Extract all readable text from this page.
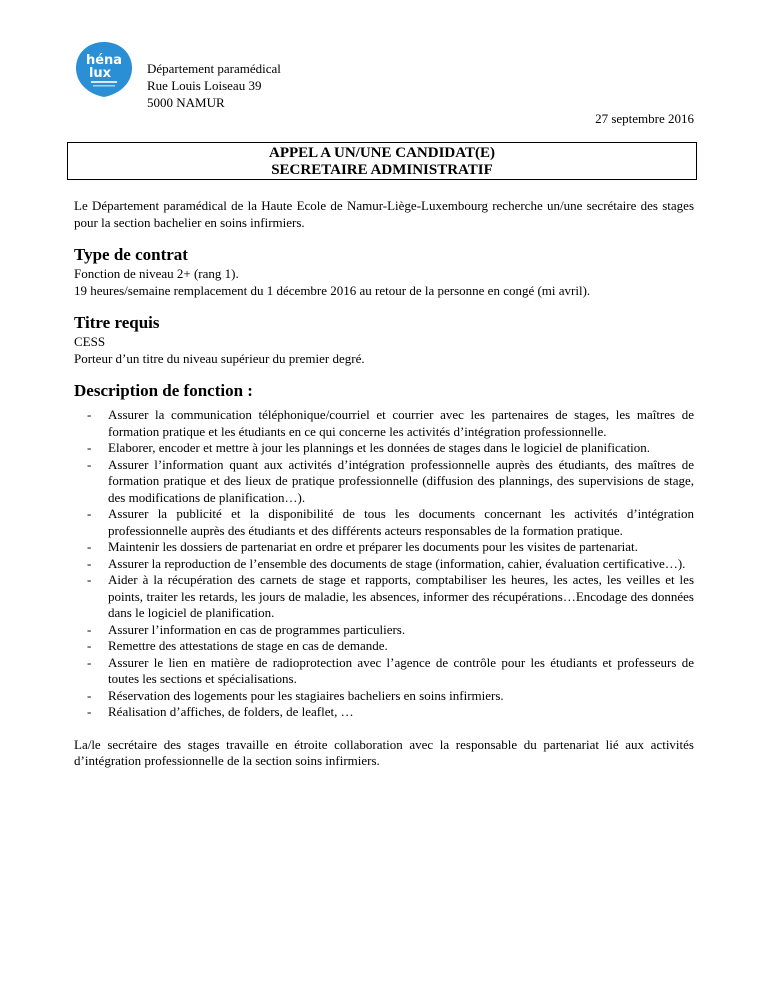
héna
lux	Département paramédical
Rue Louis Loiseau 39
5000 NAMUR
27 septembre 2016
APPEL A UN/UNE CANDIDAT(E)
SECRETAIRE ADMINISTRATIF

Le Département paramédical de la Haute Ecole de Namur-Liège-Luxembourg recherche un/une secrétaire des stages pour la section bachelier en soins infirmiers.

Type de contrat

Fonction de niveau 2+ (rang 1).

19 heures/semaine remplacement du 1 décembre 2016 au retour de la personne en congé (mi avril).

Titre requis

CESS

Porteur d’un titre du niveau supérieur du premier degré.

Description de fonction :
- Assurer la communication téléphonique/courriel et courrier avec les partenaires de stages, les maîtres de formation pratique et les étudiants en ce qui concerne les activités d’intégration professionnelle.
- Elaborer, encoder et mettre à jour les plannings et les données de stages dans le logiciel de planification.
- Assurer l’information quant aux activités d’intégration professionnelle auprès des étudiants, des maîtres de formation pratique et des lieux de pratique professionnelle (diffusion des plannings, des supervisions de stage, des modifications de planification…).
- Assurer la publicité et la disponibilité de tous les documents concernant les activités d’intégration professionnelle auprès des étudiants et des différents acteurs responsables de la formation pratique.
- Maintenir les dossiers de partenariat en ordre et préparer les documents pour les visites de partenariat.
- Assurer la reproduction de l’ensemble des documents de stage (information, cahier, évaluation certificative…).
- Aider à la récupération des carnets de stage et rapports, comptabiliser les heures, les actes, les veilles et les points, traiter les retards, les jours de maladie, les absences, informer des récupérations…Encodage des données dans le logiciel de planification.
- Assurer l’information en cas de programmes particuliers.
- Remettre des attestations de stage en cas de demande.
- Assurer le lien en matière de radioprotection avec l’agence de contrôle pour les étudiants et professeurs de toutes les sections et spécialisations.
- Réservation des logements pour les stagiaires bacheliers en soins infirmiers.
- Réalisation d’affiches, de folders, de leaflet, …

La/le secrétaire des stages travaille en étroite collaboration avec la responsable du partenariat lié aux activités d’intégration professionnelle de la section soins infirmiers.
